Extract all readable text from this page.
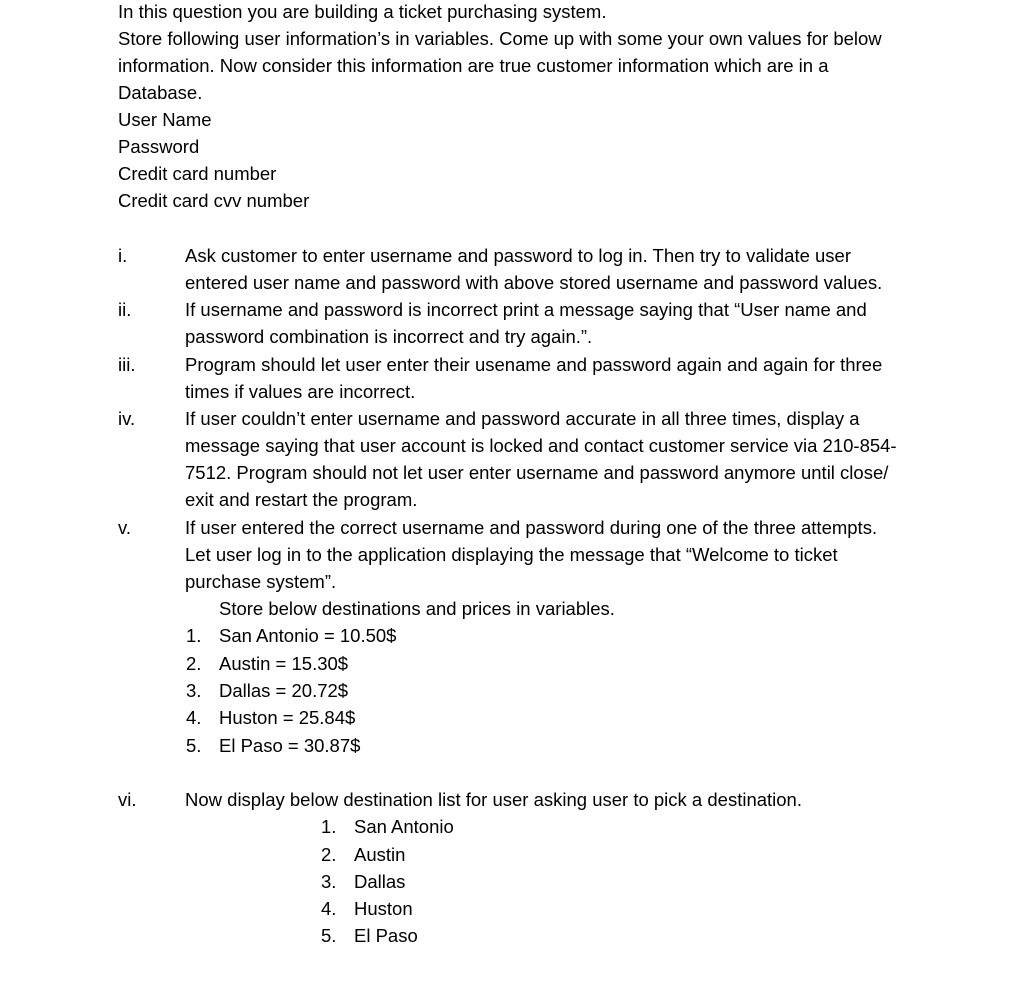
In this question you are building a ticket purchasing system.
Store following user information’s in variables. Come up with some your own values for below
information. Now consider this information are true customer information which are in a
Database.
User Name
Password
Credit card number
Credit card cvv number
i.	Ask customer to enter username and password to log in. Then try to validate user
entered user name and password with above stored username and password values.
ii.	If username and password is incorrect print a message saying that “User name and
password combination is incorrect and try again.”.
iii.	Program should let user enter their usename and password again and again for three
times if values are incorrect.
iv.	If user couldn’t enter username and password accurate in all three times, display a
message saying that user account is locked and contact customer service via 210-854-
7512. Program should not let user enter username and password anymore until close/
exit and restart the program.
v.	If user entered the correct username and password during one of the three attempts.
Let user log in to the application displaying the message that “Welcome to ticket
purchase system”.
Store below destinations and prices in variables.
1. San Antonio = 10.50$
2. Austin = 15.30$
3. Dallas = 20.72$
4. Huston = 25.84$
5. El Paso = 30.87$
vi.	Now display below destination list for user asking user to pick a destination.
1. San Antonio
2. Austin
3. Dallas
4. Huston
5. El Paso
